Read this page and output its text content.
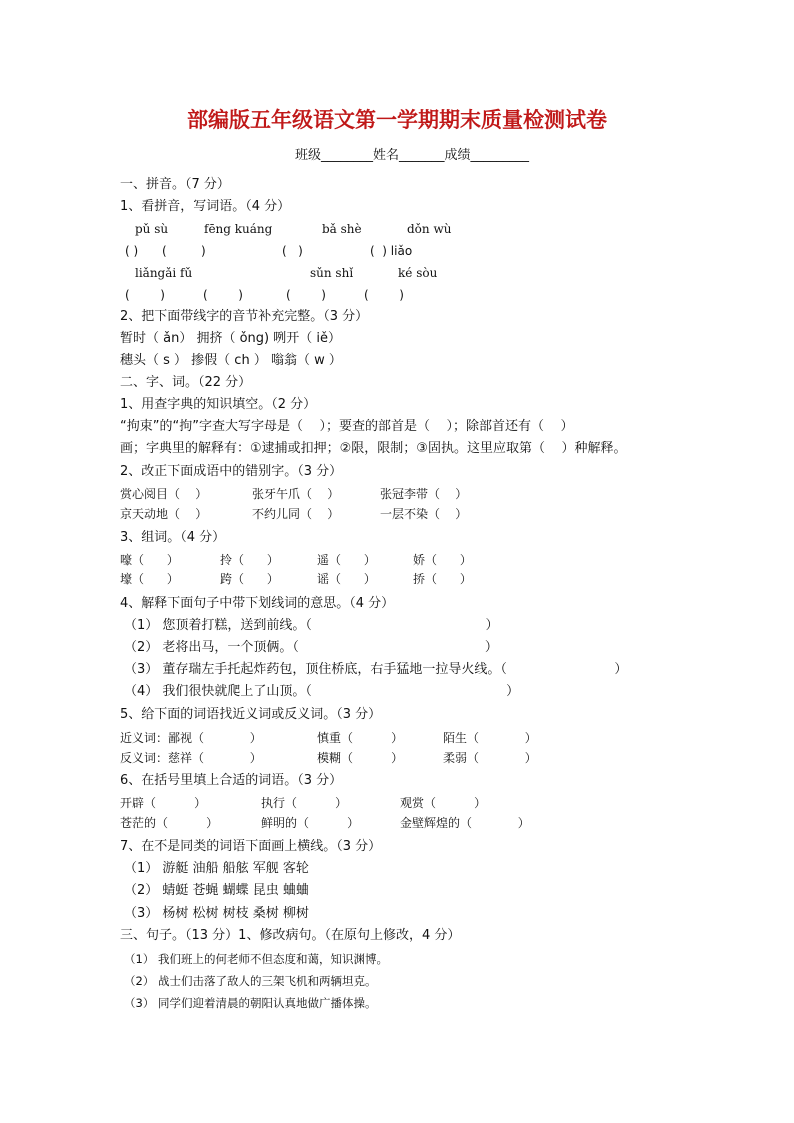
部编版五年级语文第一学期期末质量检测试卷
班级________姓名_______成绩_________
一、拼音。（7 分）
1、看拼音，写词语。（4 分）
pǔ sù	fēng kuáng	bǎ shè	dǒn wù
( ) (         )	(   )	(  ) liǎo
liǎngǎi fǔ	sǔn shǐ	ké sòu
(        )	(        )	(        )	(        )
2、把下面带线字的音节补充完整。（3 分）
暂时（ ǎn） 拥挤（ ǒng) 咧开（ iě）
穗头（ s ） 掺假（ ch ） 嗡翁（ w ）
二、字、词。（22 分）
1、用查字典的知识填空。（2 分）
“拘束”的“拘”字查大写字母是（    ）；要查的部首是（    ）；除部首还有（    ）
画；字典里的解释有：①逮捕或扣押；②限，限制；③固执。这里应取第（    ）种解释。
2、改正下面成语中的错别字。（3 分）
赏心阅目（    ）	张牙午爪（    ）	张冠李带（    ）
京天动地（    ）	不约儿同（    ）	一层不染（    ）
3、组词。（4 分）
嚎（      ）	拎（      ）	遥（      ）	娇（      ）
壕（      ）	跨（      ）	谣（      ）	挢（      ）
4、解释下面句子中带下划线词的意思。（4 分）
（1） 您顶着打糕，送到前线。（                                          ）
（2） 老将出马，一个顶俩。（                                             ）
（3） 董存瑞左手托起炸药包，顶住桥底，右手猛地一拉导火线。（                          ）
（4） 我们很快就爬上了山顶。（                                               ）
5、给下面的词语找近义词或反义词。（3 分）
近义词：鄙视（            ）	慎重（          ）	陌生（            ）
反义词：慈祥（            ）	模糊（          ）	柔弱（            ）
6、在括号里填上合适的词语。（3 分）
开辟（          ）	执行（          ）	观赏（          ）
苍茫的（          ）	鲜明的（          ）	金壁辉煌的（            ）
7、在不是同类的词语下面画上横线。（3 分）
（1） 游艇 油船 船舷 军舰 客轮
（2） 蜻蜓 苍蝇 蝴蝶 昆虫 蛐蛐
（3） 杨树 松树 树枝 桑树 柳树
三、句子。（13 分）1、修改病句。（在原句上修改，4 分）
（1） 我们班上的何老师不但态度和蔼，知识渊博。
（2） 战士们击落了敌人的三架飞机和两辆坦克。
（3） 同学们迎着清晨的朝阳认真地做广播体操。
